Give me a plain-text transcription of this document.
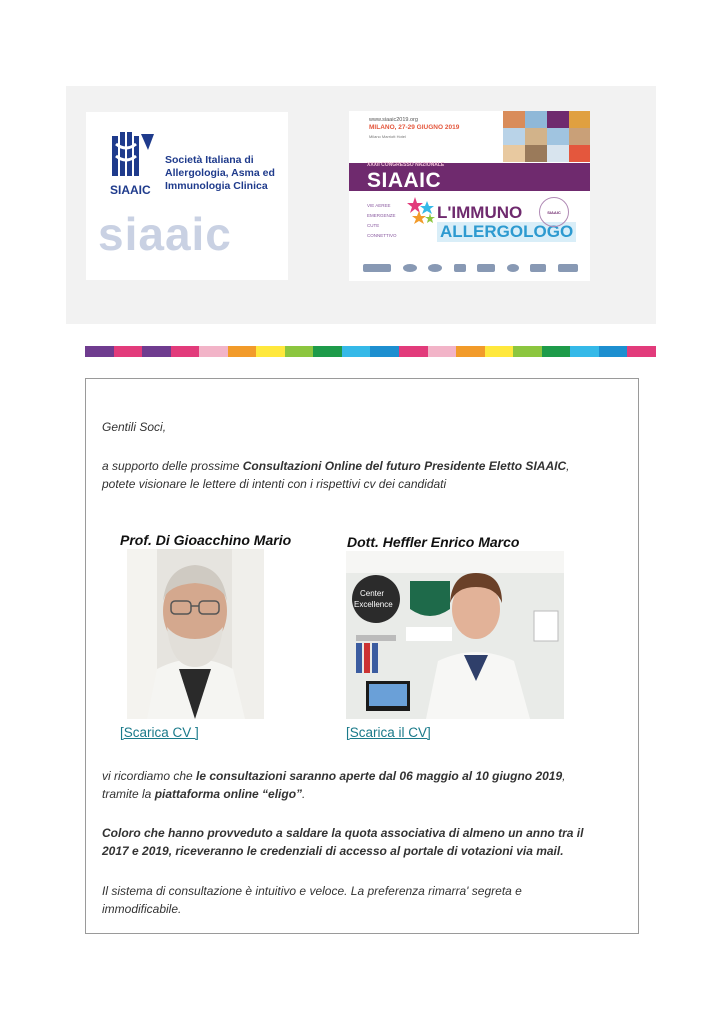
SIAAIC
Società Italiana di
Allergologia, Asma ed
Immunologia Clinica
siaaic
www.siaaic2019.org
MILANO, 27-29 GIUGNO 2019
Milano Marriott Hotel
XXXII CONGRESSO NAZIONALE
SIAAIC
VIE AEREE
EMERGENZE
CUTE
CONNETTIVO
L'IMMUNO
ALLERGOLOGO
SIAAIC
Gentili Soci,
a supporto delle prossime Consultazioni Online del futuro Presidente Eletto SIAAIC,
potete visionare le lettere di intenti con i rispettivi cv dei candidati
Prof. Di Gioacchino Mario
[Scarica CV ]
Dott. Heffler Enrico Marco
Center
Excellence
[Scarica il CV]
vi ricordiamo che le consultazioni saranno aperte dal 06 maggio al 10 giugno 2019,
tramite la piattaforma online “eligo”.
Coloro che hanno provveduto a saldare la quota associativa di almeno un anno tra il
2017 e 2019, riceveranno le credenziali di accesso al portale di votazioni via mail.
Il sistema di consultazione è intuitivo e veloce. La preferenza rimarra' segreta e
immodificabile.
